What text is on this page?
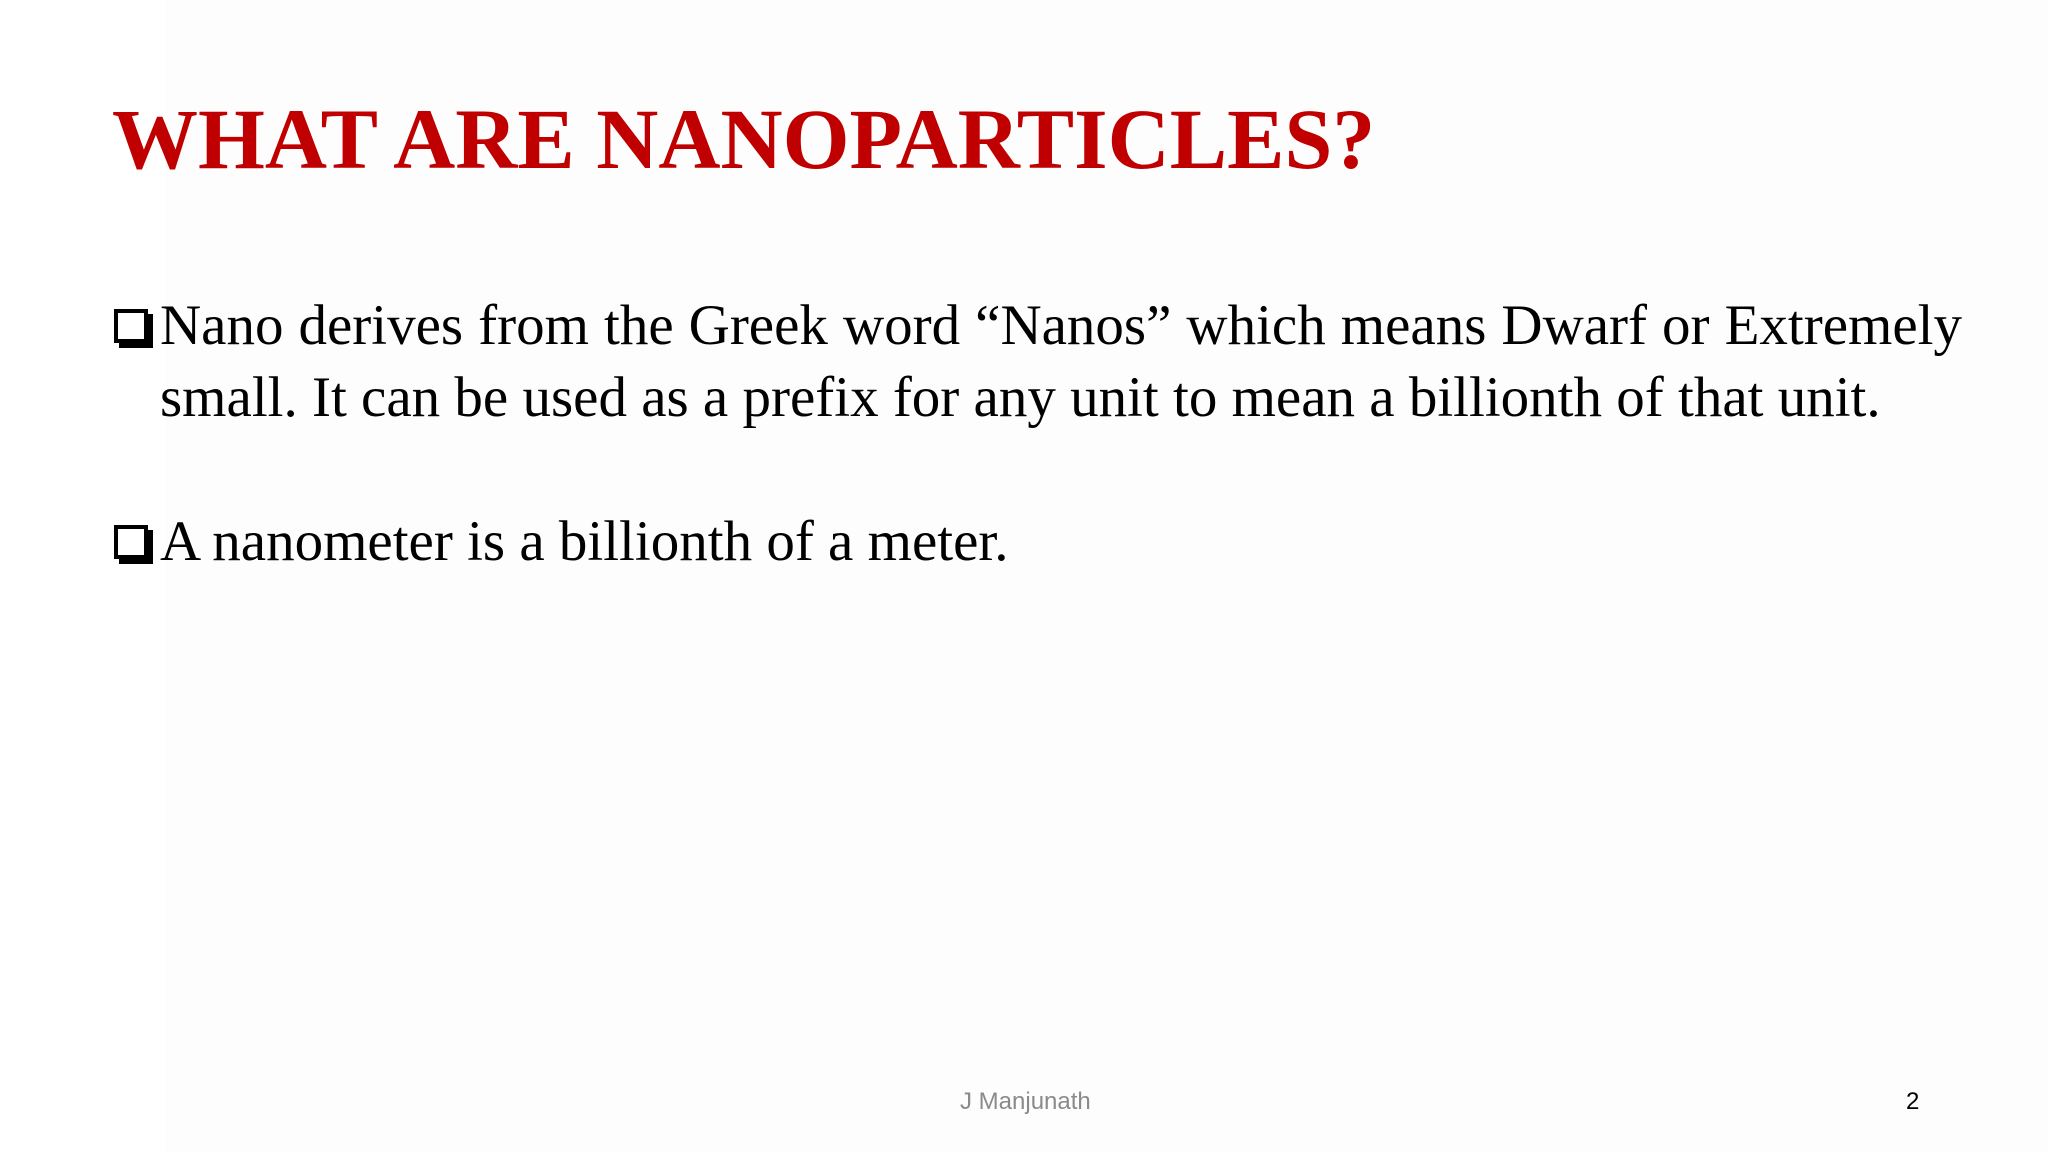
WHAT ARE NANOPARTICLES?
Nano derives from the Greek word “Nanos” which means Dwarf or Extremely small. It can be used as a prefix for any unit to mean a billionth of that unit.
A nanometer is a billionth of a meter.
J Manjunath	2
